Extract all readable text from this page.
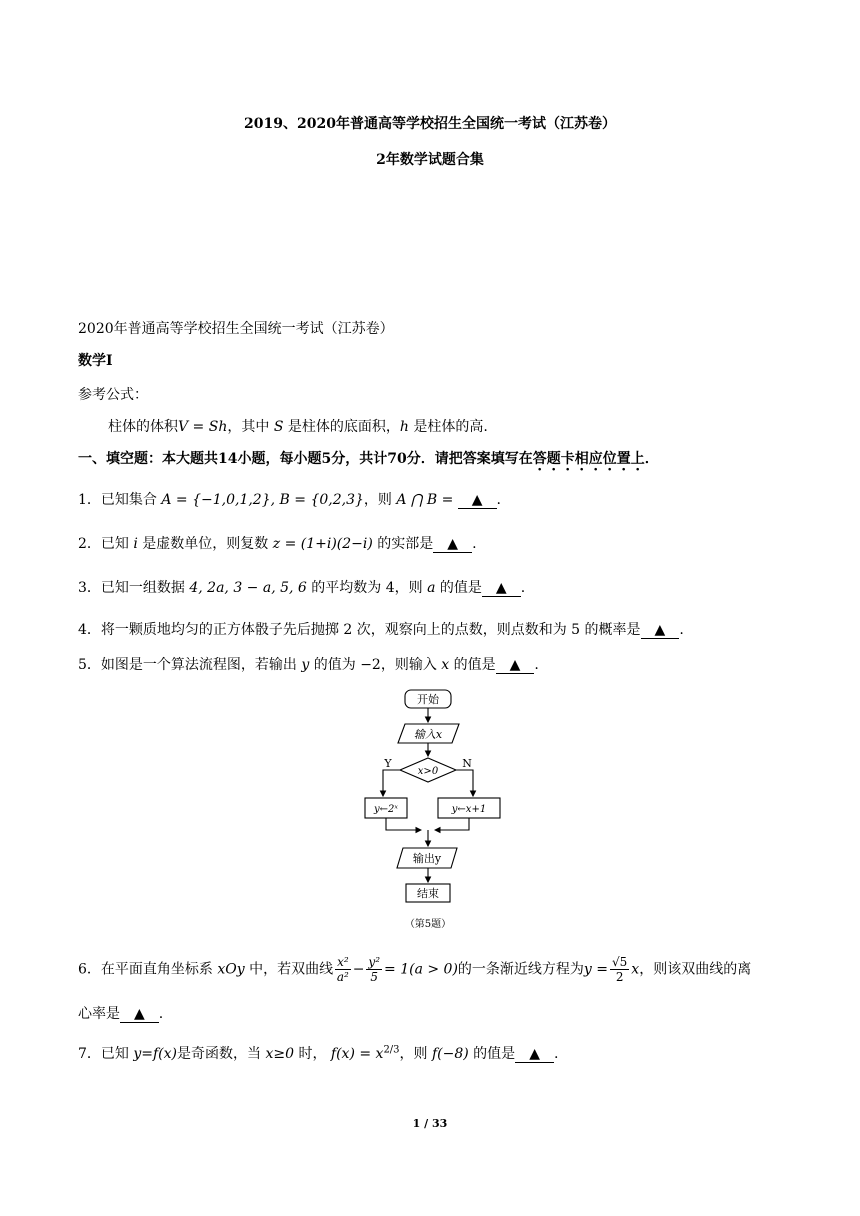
2019、2020年普通高等学校招生全国统一考试（江苏卷）
2年数学试题合集
2020年普通高等学校招生全国统一考试（江苏卷）
数学Ⅰ
参考公式：
柱体的体积V = Sh，其中 S 是柱体的底面积，h 是柱体的高.
一、填空题：本大题共14小题，每小题5分，共计70分．请把答案填写在答题卡相应位置上．
1．已知集合 A = {−1,0,1,2}, B = {0,2,3}，则 A ⋂ B = ▲ .
2．已知 i 是虚数单位，则复数 z = (1+i)(2−i) 的实部是 ▲ .
3．已知一组数据 4, 2a, 3 − a, 5, 6 的平均数为 4，则 a 的值是 ▲ .
4．将一颗质地均匀的正方体骰子先后抛掷 2 次，观察向上的点数，则点数和为 5 的概率是 ▲ .
5．如图是一个算法流程图，若输出 y 的值为 −2，则输入 x 的值是 ▲ .
开始
输入x
x>0
Y	N
y←2ˣ	y←x+1
输出y
结束
（第5题）
6．在平面直角坐标系 xOy 中，若双曲线 $\frac{\text{x²}}{\text{a²}} - \frac{\text{y²}}{5} = 1(a > 0)$的一条渐近线方程为$y = \frac{√5}{2}$ x，则该双曲线的离
心率是 ▲ .
7．已知 y=f(x)是奇函数，当 x≥0 时， $f(x) = x^{2/3}$，则 f(−8) 的值是 ▲ .
1 / 33
